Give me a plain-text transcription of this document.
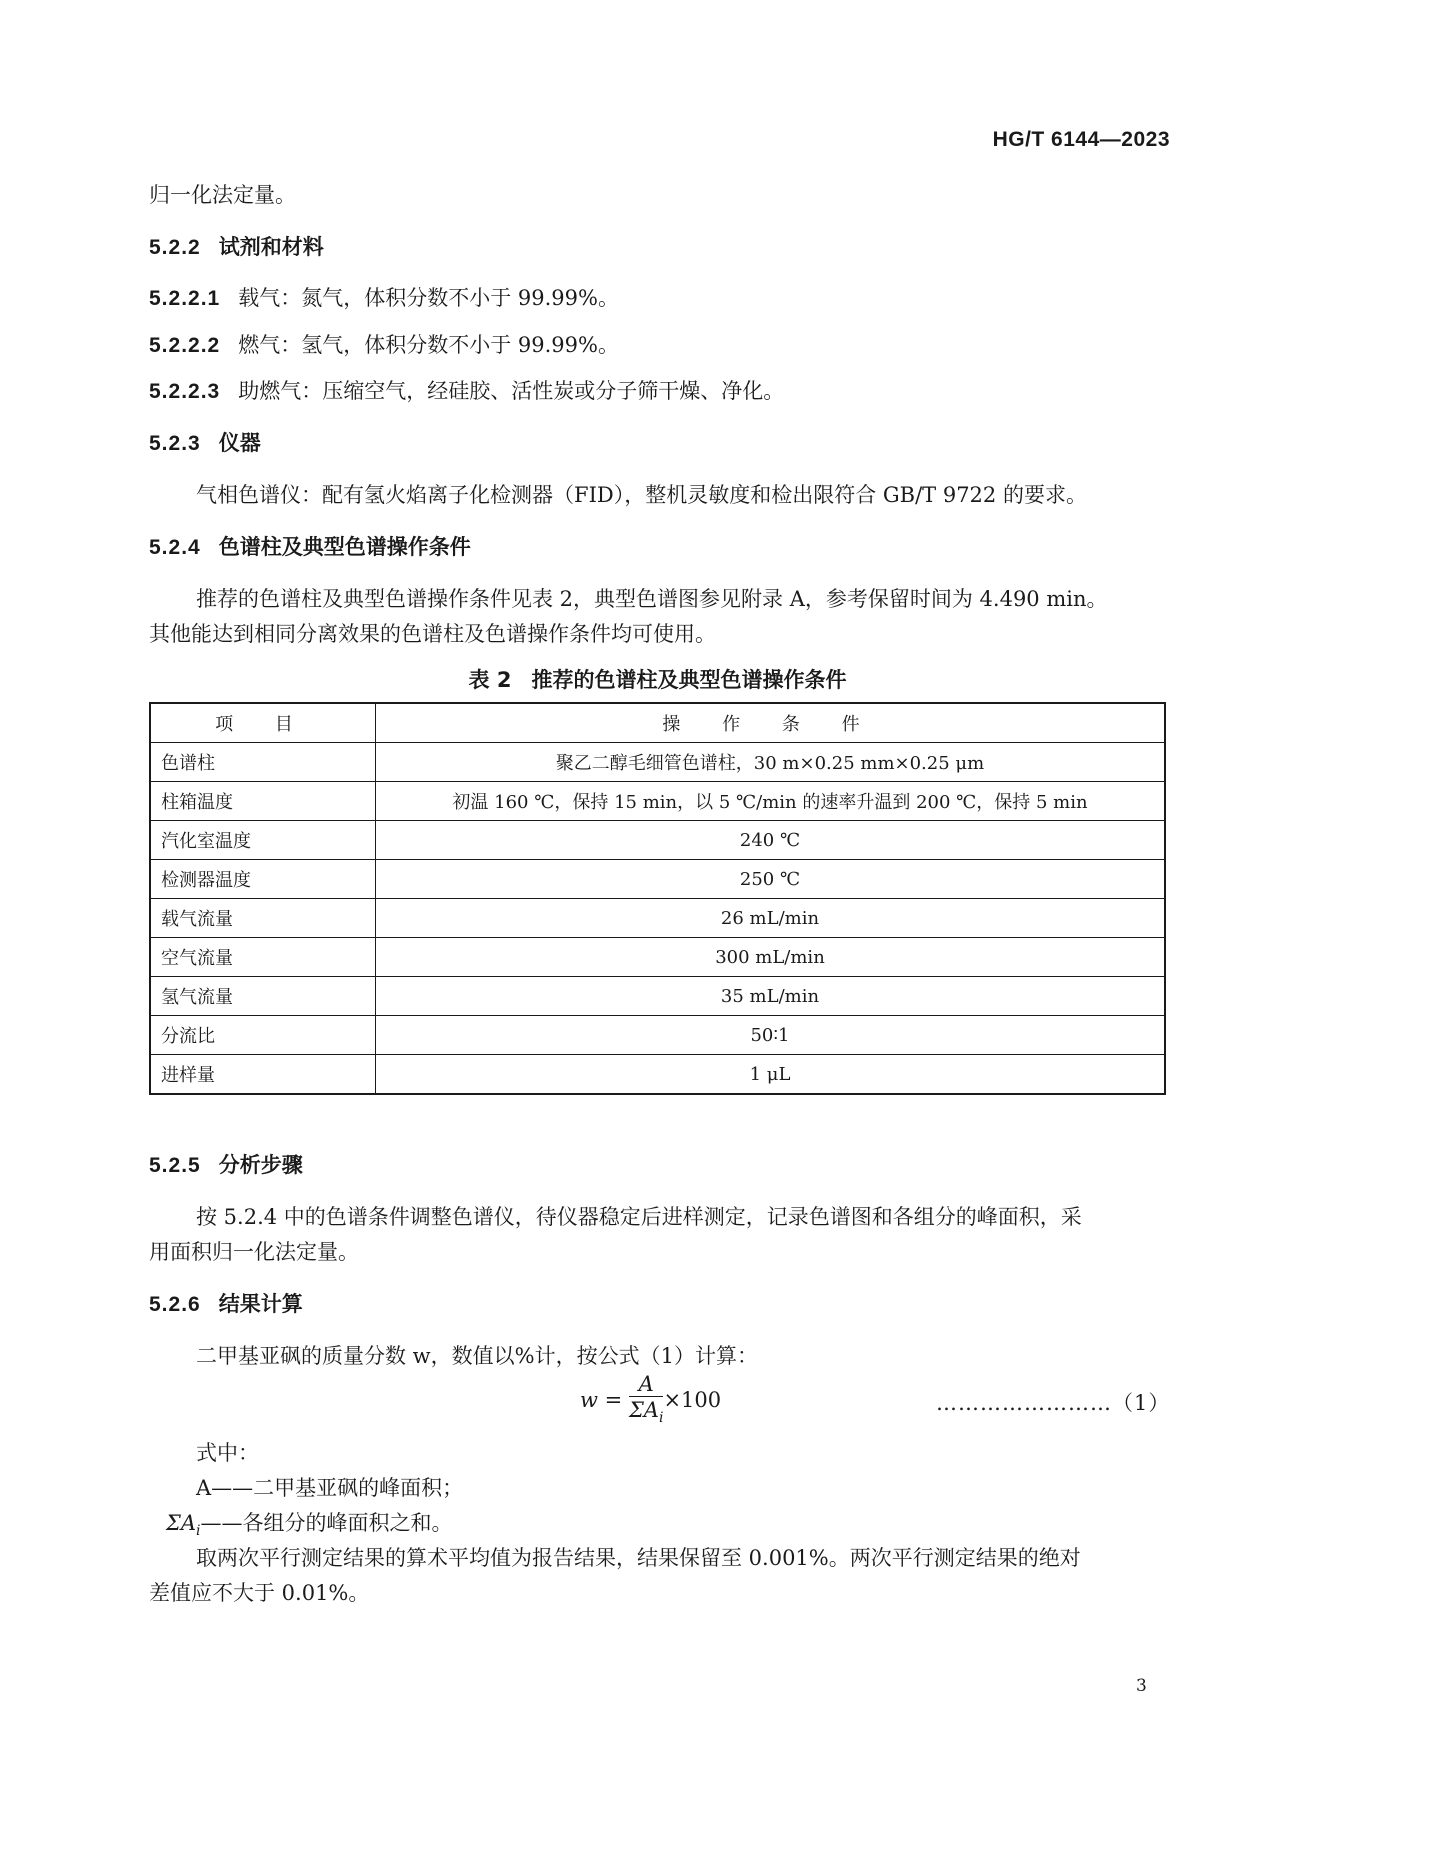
HG/T 6144—2023
归一化法定量。
5.2.2 试剂和材料
5.2.2.1 载气：氮气，体积分数不小于 99.99%。
5.2.2.2 燃气：氢气，体积分数不小于 99.99%。
5.2.2.3 助燃气：压缩空气，经硅胶、活性炭或分子筛干燥、净化。
5.2.3 仪器
气相色谱仪：配有氢火焰离子化检测器（FID），整机灵敏度和检出限符合 GB/T 9722 的要求。
5.2.4 色谱柱及典型色谱操作条件
推荐的色谱柱及典型色谱操作条件见表 2，典型色谱图参见附录 A，参考保留时间为 4.490 min。
其他能达到相同分离效果的色谱柱及色谱操作条件均可使用。
表 2 推荐的色谱柱及典型色谱操作条件
项 目	操 作 条 件
色谱柱	聚乙二醇毛细管色谱柱，30 m×0.25 mm×0.25 μm
柱箱温度	初温 160 ℃，保持 15 min，以 5 ℃/min 的速率升温到 200 ℃，保持 5 min
汽化室温度	240 ℃
检测器温度	250 ℃
载气流量	26 mL/min
空气流量	300 mL/min
氢气流量	35 mL/min
分流比	50∶1
进样量	1 μL
5.2.5 分析步骤
按 5.2.4 中的色谱条件调整色谱仪，待仪器稳定后进样测定，记录色谱图和各组分的峰面积，采
用面积归一化法定量。
5.2.6 结果计算
二甲基亚砜的质量分数 w，数值以%计，按公式（1）计算：
$w = \frac{A}{\Sigma A_i} \times 100$	……………………（1）
式中：
A——二甲基亚砜的峰面积；
$\Sigma A_i——$各组分的峰面积之和。
取两次平行测定结果的算术平均值为报告结果，结果保留至 0.001%。两次平行测定结果的绝对
差值应不大于 0.01%。
3
